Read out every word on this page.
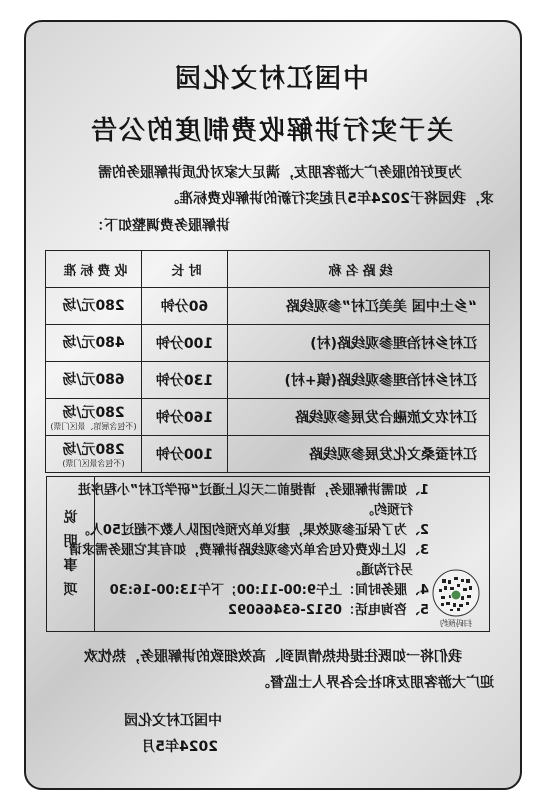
中国江村文化园
关于实行讲解收费制度的公告
为更好的服务广大游客朋友，满足大家对优质讲解服务的需
求，我园将于2024年5月起实行新的讲解收费标准。
讲解服务费调整如下：
线路名称	时长	收费标准
“乡土中国 美美江村”参观线路	60分钟	280元/场

江村乡村治理参观线路(村)	100分钟	480元/场

江村乡村治理参观线路(镇+村)	130分钟	680元/场

江村农文旅融合发展参观线路	160分钟	280元/场
(不包含展馆、景区门票)

江村蚕桑文化发展参观线路	100分钟	280元/场
(不包含景区门票)
1、如需讲解服务，请提前二天以上通过“研学江村”小程序进
行预约。
2、为了保证参观效果，建议单次预约团队人数不超过50人。
3、以上收费仅包含单次参观线路讲解费，如有其它服务需求请
另行沟通。
4、服务时间：上午9:00-11:00；下午13:00-16:30
5、咨询电话：0512-63466092
说明事项
扫码预约
我们将一如既往提供热情周到、高效细致的讲解服务，热忱欢
迎广大游客朋友和社会各界人士监督。
中国江村文化园
2024年5月
